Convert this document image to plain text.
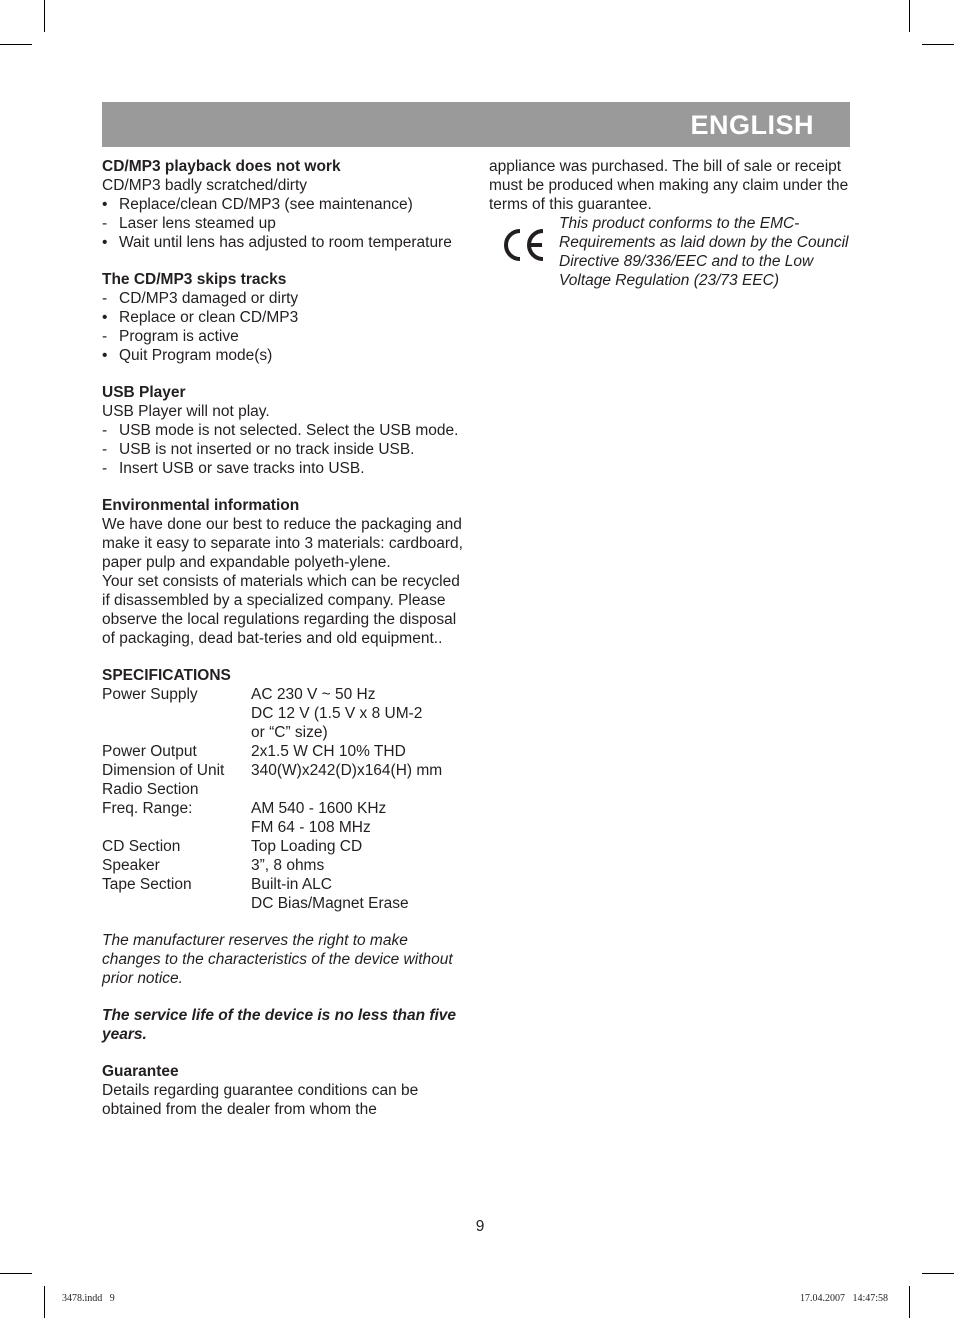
ENGLISH

CD/MP3 playback does not work

CD/MP3 badly scratched/dirty

• Replace/clean CD/MP3 (see maintenance)
- Laser lens steamed up
• Wait until lens has adjusted to room temperature

The CD/MP3 skips tracks

- CD/MP3 damaged or dirty
• Replace or clean CD/MP3
- Program is active
• Quit Program mode(s)

USB Player

USB Player will not play.

- USB mode is not selected. Select the USB mode.
- USB is not inserted or no track inside USB.
- Insert USB or save tracks into USB.

Environmental information

We have done our best to reduce the packaging and make it easy to separate into 3 materials: cardboard, paper pulp and expandable polyeth-ylene.

Your set consists of materials which can be recycled if disassembled by a specialized company. Please observe the local regulations regarding the disposal of packaging, dead bat-teries and old equipment..

SPECIFICATIONS

Power Supply	AC 230 V ~ 50 Hz
DC 12 V (1.5 V x 8 UM-2
or “C” size)
Power Output	2x1.5 W CH 10% THD
Dimension of Unit	340(W)x242(D)x164(H) mm
Radio Section
Freq. Range:	AM 540 - 1600 KHz
FM 64 - 108 MHz
CD Section	Top Loading CD
Speaker	3”, 8 ohms
Tape Section	Built-in ALC
DC Bias/Magnet Erase
The manufacturer reserves the right to make changes to the characteristics of the device without prior notice.
The service life of the device is no less than five years.

Guarantee

Details regarding guarantee conditions can be obtained from the dealer from whom the

appliance was purchased. The bill of sale or receipt must be produced when making any claim under the terms of this guarantee.

This product conforms to the EMC-Requirements as laid down by the Council Directive 89/336/EEC and to the Low Voltage Regulation (23/73 EEC)
9
3478.indd   9	17.04.2007   14:47:58
